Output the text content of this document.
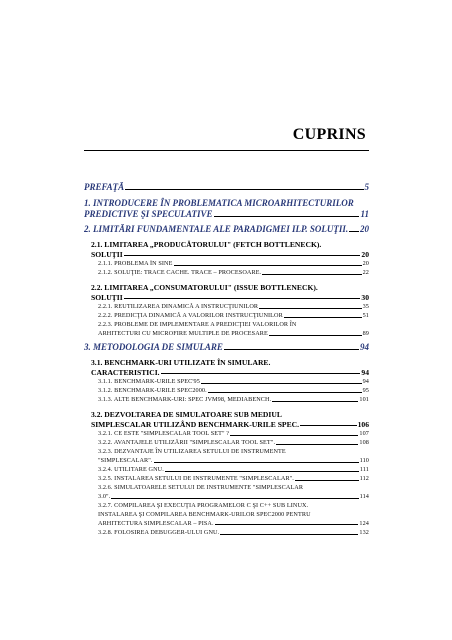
CUPRINS
PREFAŢĂ	5
1. INTRODUCERE ÎN PROBLEMATICA MICROARHITECTURILOR
PREDICTIVE ŞI SPECULATIVE	11
2. LIMITĂRI FUNDAMENTALE ALE PARADIGMEI ILP. SOLUŢII. 20
2.1. LIMITAREA „PRODUCĂTORULUI" (FETCH BOTTLENECK).
SOLUŢII	20
2.1.1. PROBLEMA ÎN SINE	20
2.1.2. SOLUŢIE: TRACE CACHE. TRACE – PROCESOARE.	22
2.2. LIMITAREA „CONSUMATORULUI" (ISSUE BOTTLENECK).
SOLUŢII	30
2.2.1. REUTILIZAREA DINAMICĂ A INSTRUCŢIUNILOR	35
2.2.2. PREDICŢIA DINAMICĂ A VALORILOR INSTRUCŢIUNILOR	51
2.2.3. PROBLEME DE IMPLEMENTARE A PREDICŢIEI VALORILOR ÎN
ARHITECTURI CU MICROFIRE MULTIPLE DE PROCESARE	89
3. METODOLOGIA DE SIMULARE	94
3.1. BENCHMARK-URI UTILIZATE ÎN SIMULARE.
CARACTERISTICI.	94
3.1.1. BENCHMARK-URILE SPEC'95	94
3.1.2. BENCHMARK-URILE SPEC2000.	95
3.1.3. ALTE BENCHMARK-URI: SPEC JVM98, MEDIABENCH.	101
3.2. DEZVOLTAREA DE SIMULATOARE SUB MEDIUL
SIMPLESCALAR UTILIZÂND BENCHMARK-URILE SPEC.	106
3.2.1. CE ESTE "SIMPLESCALAR TOOL SET" ?	107
3.2.2. AVANTAJELE UTILIZĂRII "SIMPLESCALAR TOOL SET".	108
3.2.3. DEZVANTAJE ÎN UTILIZAREA SETULUI DE INSTRUMENTE
"SIMPLESCALAR".	110
3.2.4. UTILITARE GNU.	111
3.2.5. INSTALAREA SETULUI DE INSTRUMENTE "SIMPLESCALAR".	112
3.2.6. SIMULATOARELE SETULUI DE INSTRUMENTE "SIMPLESCALAR
3.0".	114
3.2.7. COMPILAREA ŞI EXECUŢIA PROGRAMELOR C ŞI C++ SUB LINUX.
INSTALAREA ŞI COMPILAREA BENCHMARK-URILOR SPEC2000 PENTRU
ARHITECTURA SIMPLESCALAR – PISA.	124
3.2.8. FOLOSIREA DEBUGGER-ULUI GNU.	132
